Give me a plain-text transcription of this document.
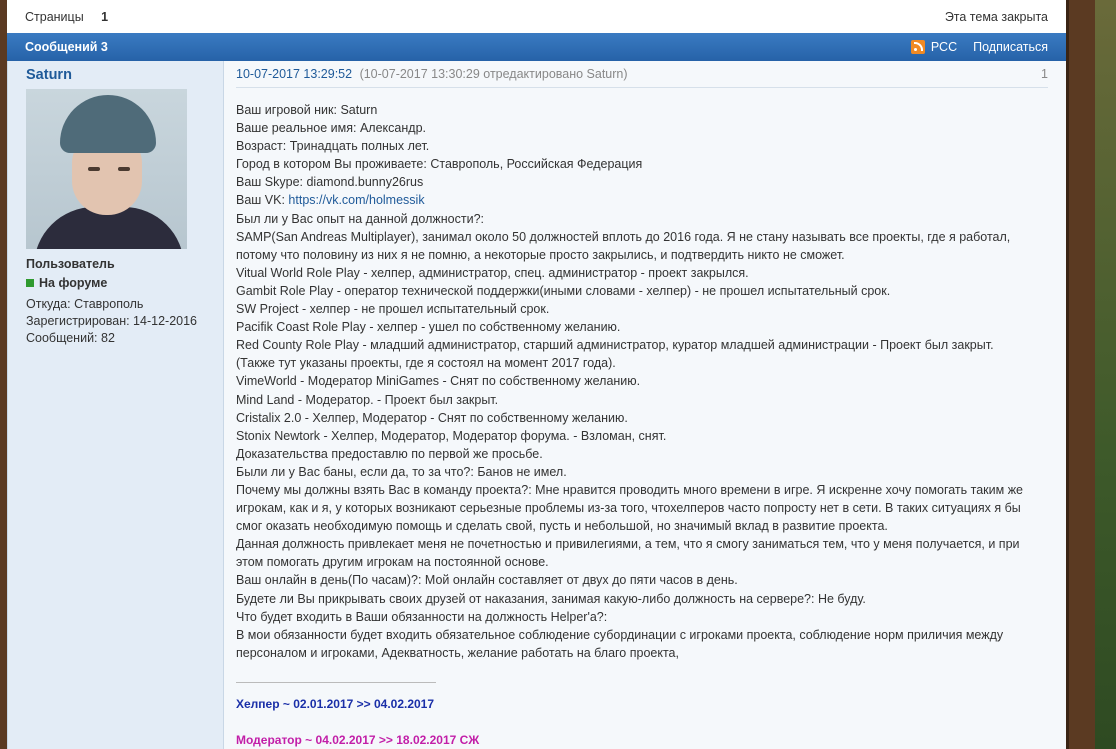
Страницы 1	Эта тема закрыта
Сообщений 3	РСС Подписаться
Saturn
Пользователь
На форуме
Откуда: Ставрополь
Зарегистрирован: 14-12-2016
Сообщений: 82
10-07-2017 13:29:52 (10-07-2017 13:30:29 отредактировано Saturn)	1
Ваш игровой ник: Saturn
Ваше реальное имя: Александр.
Возраст: Тринадцать полных лет.
Город в котором Вы проживаете: Ставрополь, Российская Федерация
Ваш Skype: diamond.bunny26rus
Ваш VK: https://vk.com/holmessik
Был ли у Вас опыт на данной должности?:
SAMP(San Andreas Multiplayer), занимал около 50 должностей вплоть до 2016 года. Я не стану называть все проекты, где я работал, потому что половину из них я не помню, а некоторые просто закрылись, и подтвердить никто не сможет.
Vitual World Role Play - хелпер, администратор, спец. администратор - проект закрылся.
Gambit Role Play - оператор технической поддержки(иными словами - хелпер) - не прошел испытательный срок.
SW Project - хелпер - не прошел испытательный срок.
Pacifik Coast Role Play - хелпер - ушел по собственному желанию.
Red County Role Play - младший администратор, старший администратор, куратор младшей администрации - Проект был закрыт.
(Также тут указаны проекты, где я состоял на момент 2017 года).
VimeWorld - Модератор MiniGames - Снят по собственному желанию.
Mind Land - Модератор. - Проект был закрыт.
Cristalix 2.0 - Хелпер, Модератор - Снят по собственному желанию.
Stonix Newtork - Хелпер, Модератор, Модератор форума. - Взломан, снят.
Доказательства предоставлю по первой же просьбе.
Были ли у Вас баны, если да, то за что?: Банов не имел.
Почему мы должны взять Вас в команду проекта?: Мне нравится проводить много времени в игре. Я искренне хочу помогать таким же игрокам, как и я, у которых возникают серьезные проблемы из-за того, чтохелперов часто попросту нет в сети. В таких ситуациях я бы смог оказать необходимую помощь и сделать свой, пусть и небольшой, но значимый вклад в развитие проекта.
Данная должность привлекает меня не почетностью и привилегиями, а тем, что я смогу заниматься тем, что у меня получается, и при этом помогать другим игрокам на постоянной основе.
Ваш онлайн в день(По часам)?: Мой онлайн составляет от двух до пяти часов в день.
Будете ли Вы прикрывать своих друзей от наказания, занимая какую-либо должность на сервере?: Не буду.
Что будет входить в Ваши обязанности на должность Helper'a?:
В мои обязанности будет входить обязательное соблюдение субординации с игроками проекта, соблюдение норм приличия между персоналом и игроками, Адекватность, желание работать на благо проекта,
Хелпер ~ 02.01.2017 >> 04.02.2017
Модератор ~ 04.02.2017 >> 18.02.2017 СЖ
